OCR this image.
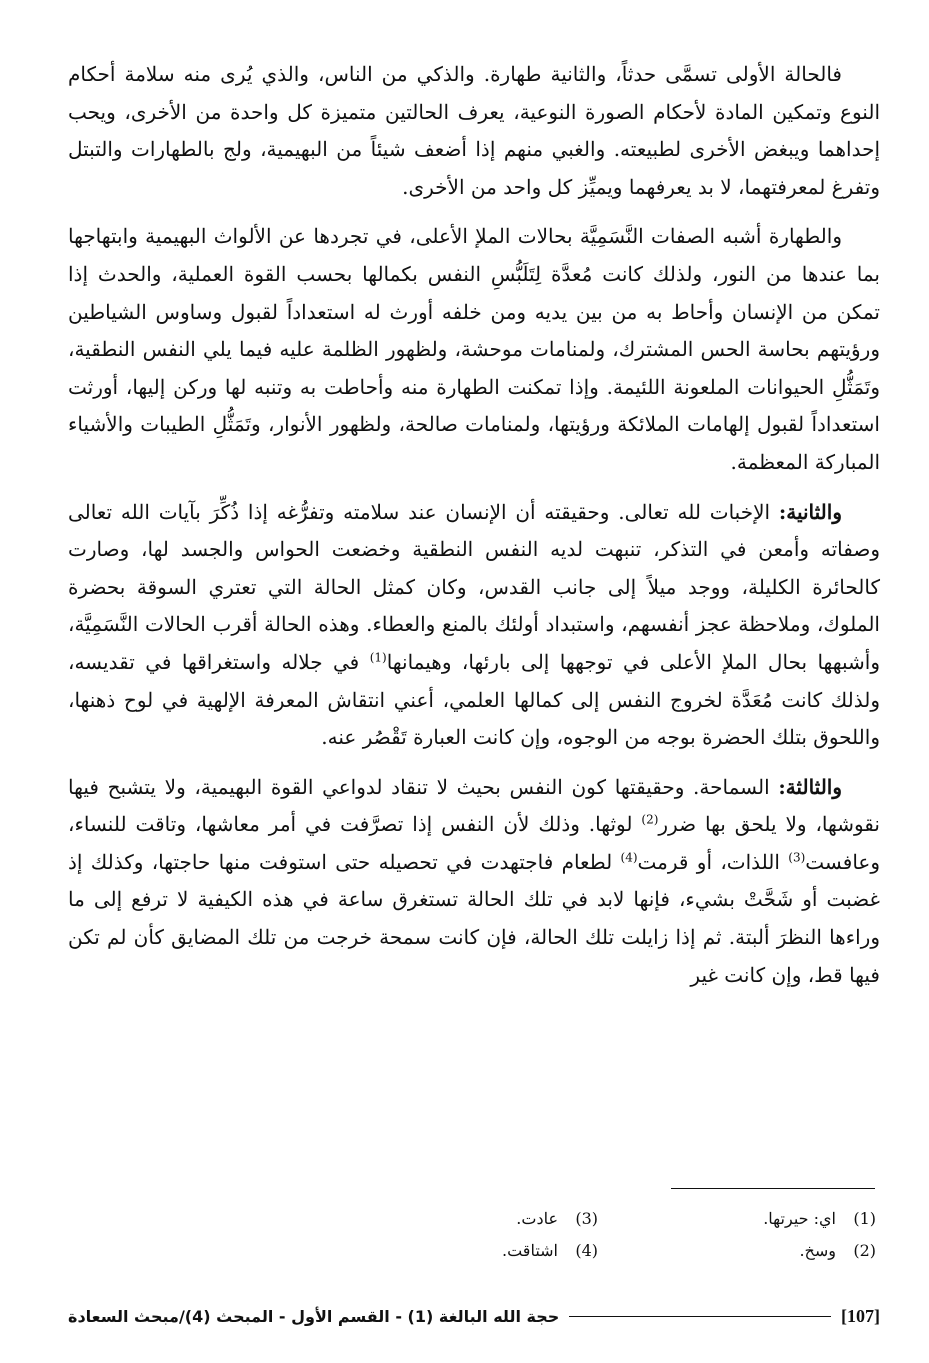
فالحالة الأولى تسمَّى حدثاً، والثانية طهارة. والذكي من الناس، والذي يُرى منه سلامة أحكام النوع وتمكين المادة لأحكام الصورة النوعية، يعرف الحالتين متميزة كل واحدة من الأخرى، ويحب إحداهما ويبغض الأخرى لطبيعته. والغبي منهم إذا أضعف شيئاً من البهيمية، ولج بالطهارات والتبتل وتفرغ لمعرفتهما، لا بد يعرفهما ويميِّز كل واحد من الأخرى.

والطهارة أشبه الصفات النَّسَمِيَّة بحالات الملإ الأعلى، في تجردها عن الألواث البهيمية وابتهاجها بما عندها من النور، ولذلك كانت مُعدَّة لِتَلَبُّسِ النفس بكمالها بحسب القوة العملية، والحدث إذا تمكن من الإنسان وأحاط به من بين يديه ومن خلفه أورث له استعداداً لقبول وساوس الشياطين ورؤيتهم بحاسة الحس المشترك، ولمنامات موحشة، ولظهور الظلمة عليه فيما يلي النفس النطقية، وتَمَثُّلِ الحيوانات الملعونة اللئيمة. وإذا تمكنت الطهارة منه وأحاطت به وتنبه لها وركن إليها، أورثت استعداداً لقبول إلهامات الملائكة ورؤيتها، ولمنامات صالحة، ولظهور الأنوار، وتَمَثُّلِ الطيبات والأشياء المباركة المعظمة.

والثانية: الإخبات لله تعالى. وحقيقته أن الإنسان عند سلامته وتفرُّغه إذا ذُكِّرَ بآيات الله تعالى وصفاته وأمعن في التذكر، تنبهت لديه النفس النطقية وخضعت الحواس والجسد لها، وصارت كالحائرة الكليلة، ووجد ميلاً إلى جانب القدس، وكان كمثل الحالة التي تعتري السوقة بحضرة الملوك، وملاحظة عجز أنفسهم، واستبداد أولئك بالمنع والعطاء. وهذه الحالة أقرب الحالات النَّسَمِيَّة، وأشبهها بحال الملإ الأعلى في توجهها إلى بارئها، وهيمانها$^{(1)}$ في جلاله واستغراقها في تقديسه، ولذلك كانت مُعَدَّة لخروج النفس إلى كمالها العلمي، أعني انتقاش المعرفة الإلهية في لوح ذهنها، واللحوق بتلك الحضرة بوجه من الوجوه، وإن كانت العبارة تَقْصُر عنه.

والثالثة: السماحة. وحقيقتها كون النفس بحيث لا تنقاد لدواعي القوة البهيمية، ولا يتشبح فيها نقوشها، ولا يلحق بها ضرر$^{(2)}$ لوثها. وذلك لأن النفس إذا تصرَّفت في أمر معاشها، وتاقت للنساء، وعافست$^{(3)}$ اللذات، أو قرمت$^{(4)}$ لطعام فاجتهدت في تحصيله حتى استوفت منها حاجتها، وكذلك إذ غضبت أو شَحَّتْ بشيء، فإنها لابد في تلك الحالة تستغرق ساعة في هذه الكيفية لا ترفع إلى ما وراءها النظرَ ألبتة. ثم إذا زايلت تلك الحالة، فإن كانت سمحة خرجت من تلك المضايق كأن لم تكن فيها قط، وإن كانت غير

(1)
اي: حيرتها.
(3)
عادت.
(2)
وسخ.
(4)
اشتاقت.
[107]
حجة الله البالغة (1) - القسم الأول - المبحث (4)/مبحث السعادة
